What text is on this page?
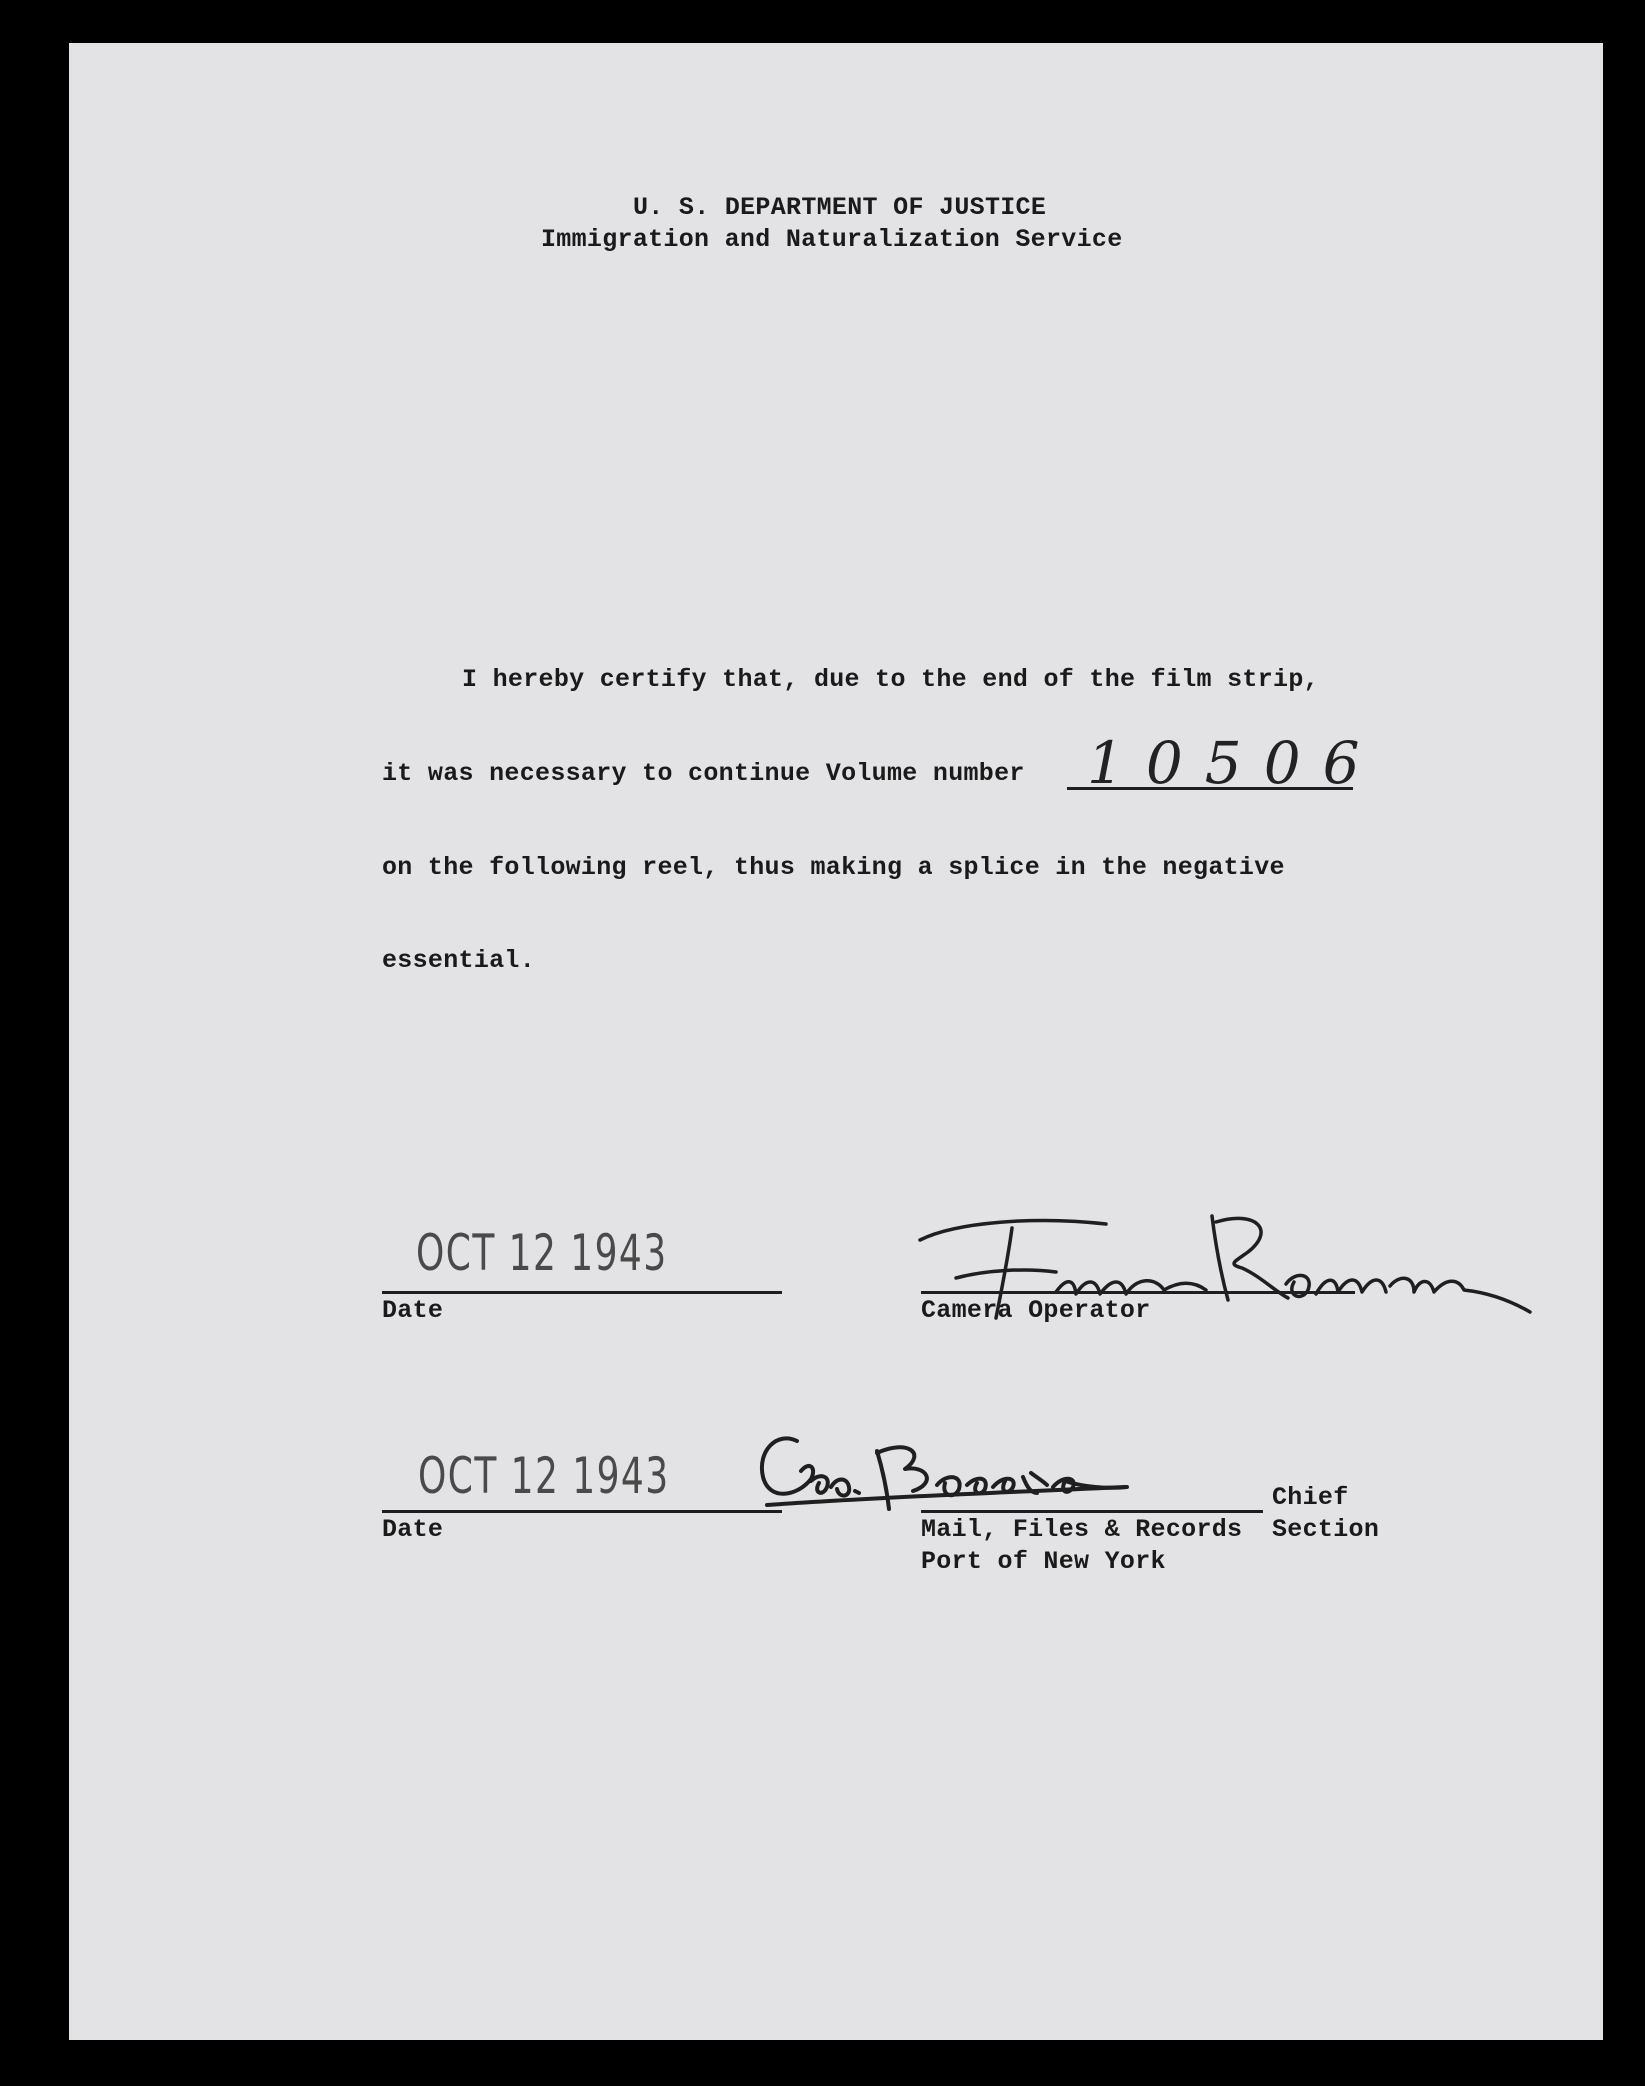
U. S. DEPARTMENT OF JUSTICE
Immigration and Naturalization Service
I hereby certify that, due to the end of the film strip,
it was necessary to continue Volume number 10506
on the following reel, thus making a splice in the negative
essential.
OCT 12 1943
Date	Camera Operator
OCT 12 1943
Date
Chief
Mail, Files & Records Section
Port of New York
